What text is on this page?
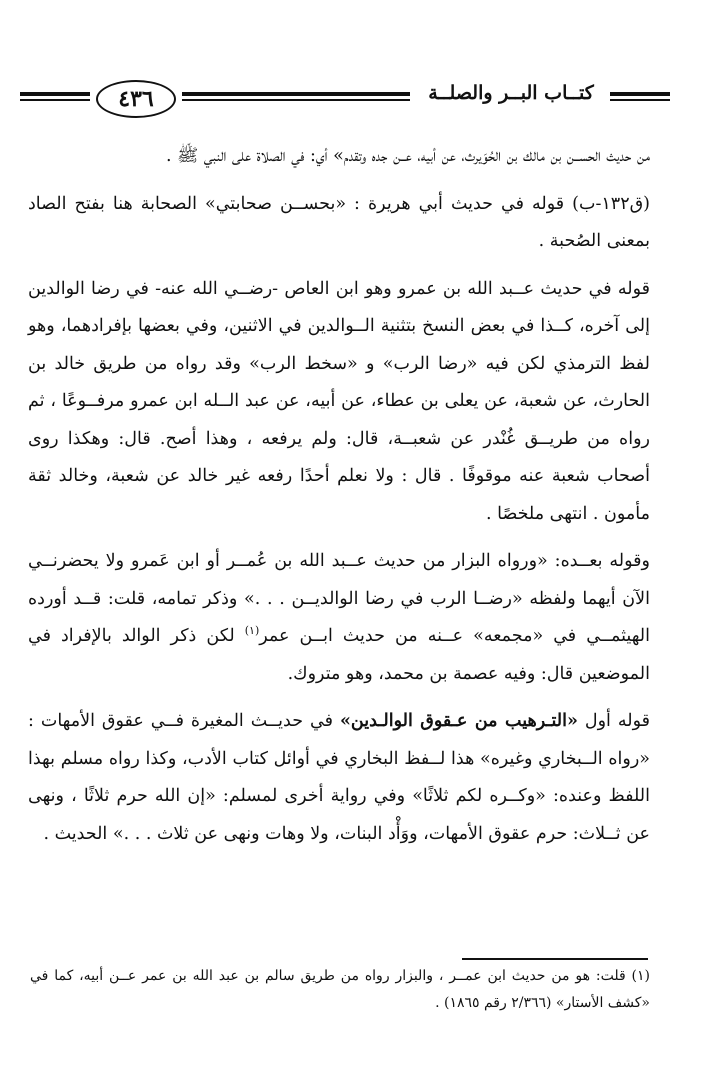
٤٣٦	كتــاب البــر والصلــة

من حديث الحســن بن مالك بن الحُوَيرث، عن أبيه، عــن جده وتقدم» أي: في الصلاة على النبي ﷺ .

(ق١٣٢-ب) قوله في حديث أبي هريرة : «بحســن صحابتي» الصحابة هنا بفتح الصاد بمعنى الصُحبة .

قوله في حديث عــبد الله بن عمرو وهو ابن العاص -رضــي الله عنه- في رضا الوالدين إلى آخره، كــذا في بعض النسخ بتثنية الــوالدين في الاثنين، وفي بعضها بإفرادهما، وهو لفظ الترمذي لكن فيه «رضا الرب» و «سخط الرب» وقد رواه من طريق خالد بن الحارث، عن شعبة، عن يعلى بن عطاء، عن أبيه، عن عبد الــله ابن عمرو مرفــوعًا ، ثم رواه من طريــق غُنْدر عن شعبــة، قال: ولم يرفعه ، وهذا أصح. قال: وهكذا روى أصحاب شعبة عنه موقوفًا . قال : ولا نعلم أحدًا رفعه غير خالد عن شعبة، وخالد ثقة مأمون . انتهى ملخصًا .

وقوله بعــده: «ورواه البزار من حديث عــبد الله بن عُمــر أو ابن عَمرو ولا يحضرنــي الآن أيهما ولفظه «رضــا الرب في رضا الوالديــن . . .» وذكر تمامه، قلت: قــد أورده الهيثمــي في «مجمعه» عــنه من حديث ابــن عمر$^{(١)}$ لكن ذكر الوالد بالإفراد في الموضعين قال: وفيه عصمة بن محمد، وهو متروك.

قوله أول «التـرهيب من عـقوق الوالـدين» في حديــث المغيرة فــي عقوق الأمهات : «رواه الــبخاري وغيره» هذا لــفظ البخاري في أوائل كتاب الأدب، وكذا رواه مسلم بهذا اللفظ وعنده: «وكــره لكم ثلاثًا» وفي رواية أخرى لمسلم: «إن الله حرم ثلاثًا ، ونهى عن ثــلاث: حرم عقوق الأمهات، ووَأْد البنات، ولا وهات ونهى عن ثلاث . . .» الحديث .

(١) قلت: هو من حديث ابن عمــر ، والبزار رواه من طريق سالم بن عبد الله بن عمر عــن أبيه، كما في «كشف الأستار» (٢/٣٦٦ رقم ١٨٦٥) .
